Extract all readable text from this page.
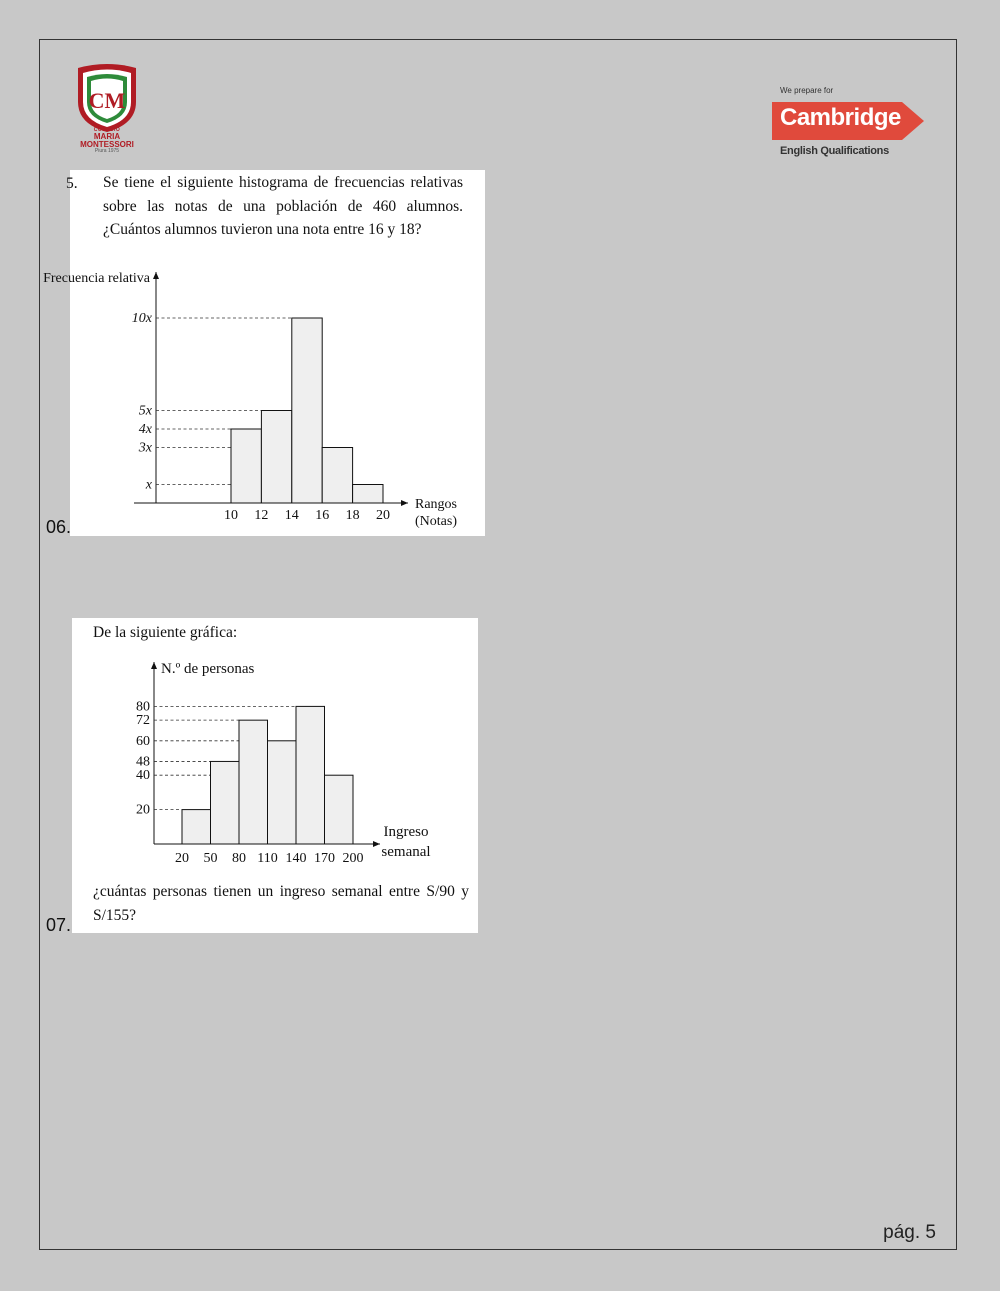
CM
COLEGIO
MARIA
MONTESSORI
Piura 1975
We prepare for
Cambridge
English Qualifications
5.	Se tiene el siguiente histograma de frecuencias relativas sobre las notas de una población de 460 alumnos. ¿Cuántos alumnos tuvieron una nota entre 16 y 18?
Frecuencia relativa
Rangos
(Notas)
x
3x
4x
5x
10x
10 12 14 16 18 20
06.
De la siguiente gráfica:
N.º de personas
Ingreso
semanal
20
40
48
60
72
80
20 50 80 110 140 170 200
¿cuántas personas tienen un ingreso semanal entre S/90 y S/155?
07.
pág. 5
